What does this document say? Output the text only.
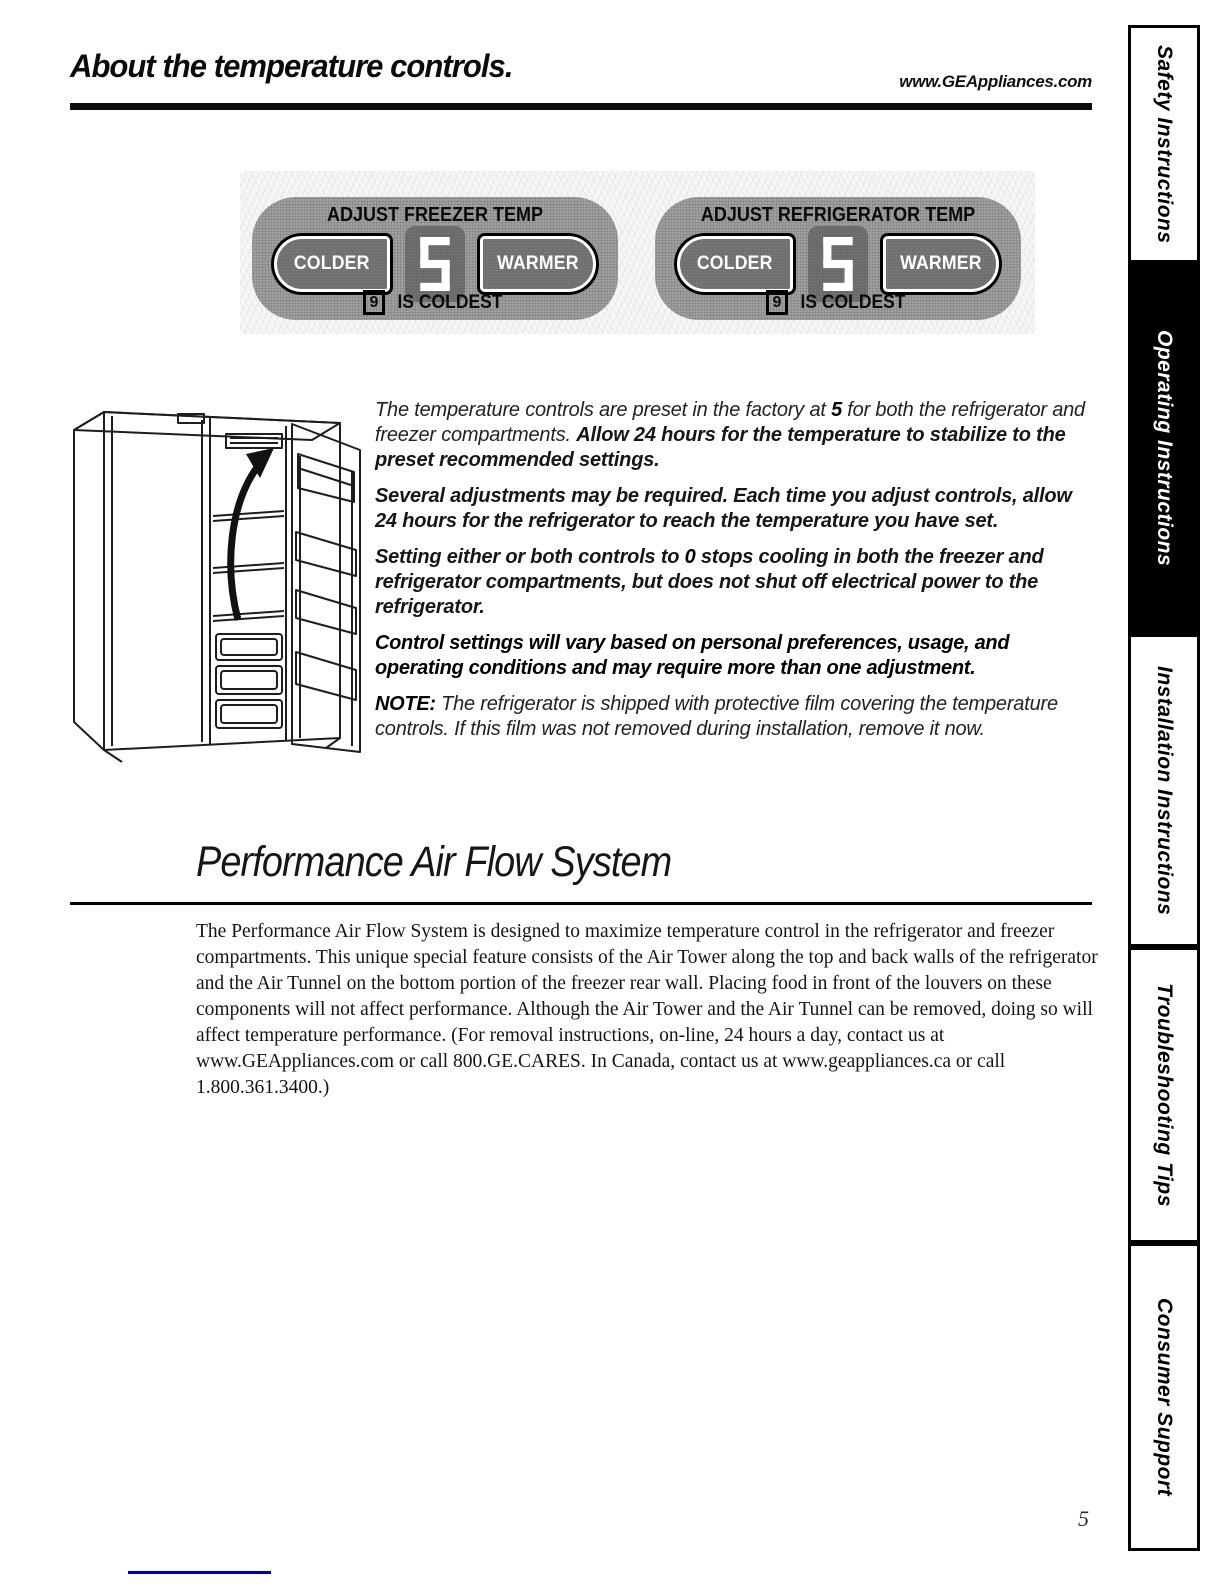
About the temperature controls.	www.GEAppliances.com
ADJUST FREEZER TEMP
COLDER	WARMER
9 IS COLDEST
ADJUST REFRIGERATOR TEMP
COLDER	WARMER
9 IS COLDEST

The temperature controls are preset in the factory at 5 for both the refrigerator and freezer compartments. Allow 24 hours for the temperature to stabilize to the preset recommended settings.

Several adjustments may be required. Each time you adjust controls, allow 24 hours for the refrigerator to reach the temperature you have set.

Setting either or both controls to 0 stops cooling in both the freezer and refrigerator compartments, but does not shut off electrical power to the refrigerator.

Control settings will vary based on personal preferences, usage, and operating conditions and may require more than one adjustment.

NOTE: The refrigerator is shipped with protective film covering the temperature controls. If this film was not removed during installation, remove it now.

Performance Air Flow System

The Performance Air Flow System is designed to maximize temperature control in the refrigerator and freezer compartments. This unique special feature consists of the Air Tower along the top and back walls of the refrigerator and the Air Tunnel on the bottom portion of the freezer rear wall. Placing food in front of the louvers on these components will not affect performance. Although the Air Tower and the Air Tunnel can be removed, doing so will affect temperature performance. (For removal instructions, on-line, 24 hours a day, contact us at www.GEAppliances.com or call 800.GE.CARES. In Canada, contact us at www.geappliances.ca or call 1.800.361.3400.)

Safety Instructions
Operating Instructions
Installation Instructions
Troubleshooting Tips
Consumer Support
5
